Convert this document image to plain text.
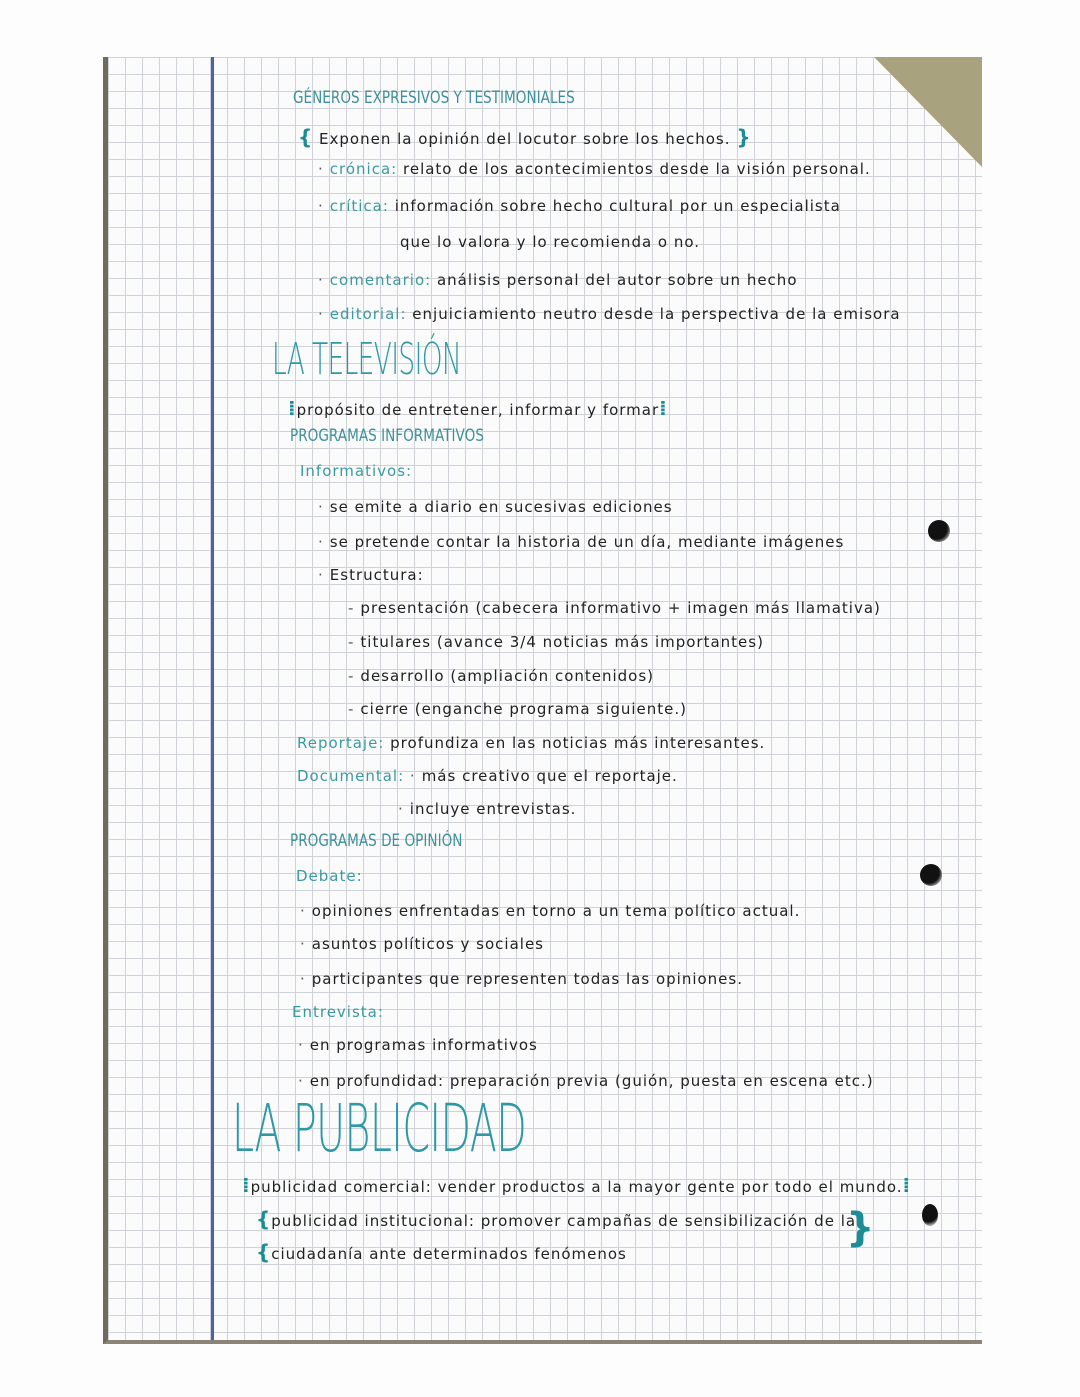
GÉNEROS EXPRESIVOS Y TESTIMONIALES
{ Exponen la opinión del locutor sobre los hechos. }
· crónica: relato de los acontecimientos desde la visión personal.
· crítica: información sobre hecho cultural por un especialista
que lo valora y lo recomienda o no.
· comentario: análisis personal del autor sobre un hecho
· editorial: enjuiciamiento neutro desde la perspectiva de la emisora
LA TELEVISIÓN
⁞propósito de entretener, informar y formar⁞
PROGRAMAS INFORMATIVOS
Informativos:
· se emite a diario en sucesivas ediciones
· se pretende contar la historia de un día, mediante imágenes
· Estructura:
- presentación (cabecera informativo + imagen más llamativa)
- titulares (avance 3/4 noticias más importantes)
- desarrollo (ampliación contenidos)
- cierre (enganche programa siguiente.)
Reportaje: profundiza en las noticias más interesantes.
Documental: · más creativo que el reportaje.
· incluye entrevistas.
PROGRAMAS DE OPINIÓN
Debate:
· opiniones enfrentadas en torno a un tema político actual.
· asuntos políticos y sociales
· participantes que representen todas las opiniones.
Entrevista:
· en programas informativos
· en profundidad: preparación previa (guión, puesta en escena etc.)
LA PUBLICIDAD
⁞publicidad comercial: vender productos a la mayor gente por todo el mundo.⁞
{publicidad institucional: promover campañas de sensibilización de la
{ciudadanía ante determinados fenómenos
}
